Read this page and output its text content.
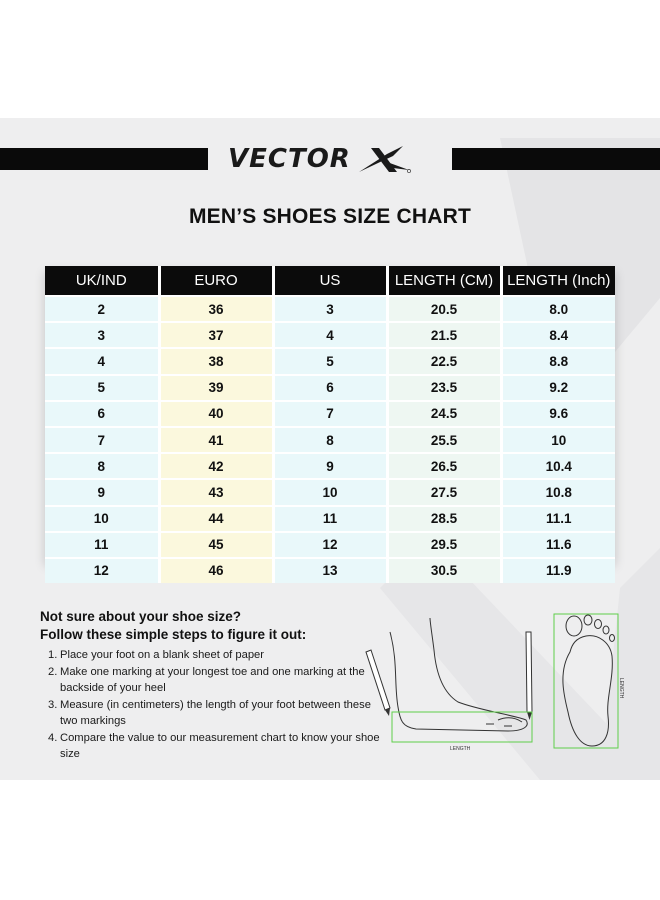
VECTOR
MEN’S SHOES SIZE CHART
UK/IND	EURO	US	LENGTH (CM)	LENGTH (Inch)
2	36	3	20.5	8.0
3	37	4	21.5	8.4
4	38	5	22.5	8.8
5	39	6	23.5	9.2
6	40	7	24.5	9.6
7	41	8	25.5	10
8	42	9	26.5	10.4
9	43	10	27.5	10.8
10	44	11	28.5	11.1
11	45	12	29.5	11.6
12	46	13	30.5	11.9
Not sure about your shoe size?
Follow these simple steps to figure it out:
1. Place your foot on a blank sheet of paper
2. Make one marking at your longest toe and one marking at the backside of your heel
3. Measure (in centimeters) the length of your foot between these two markings
4. Compare the value to our measurement chart to know your shoe size	LENGTH
LENGTH
